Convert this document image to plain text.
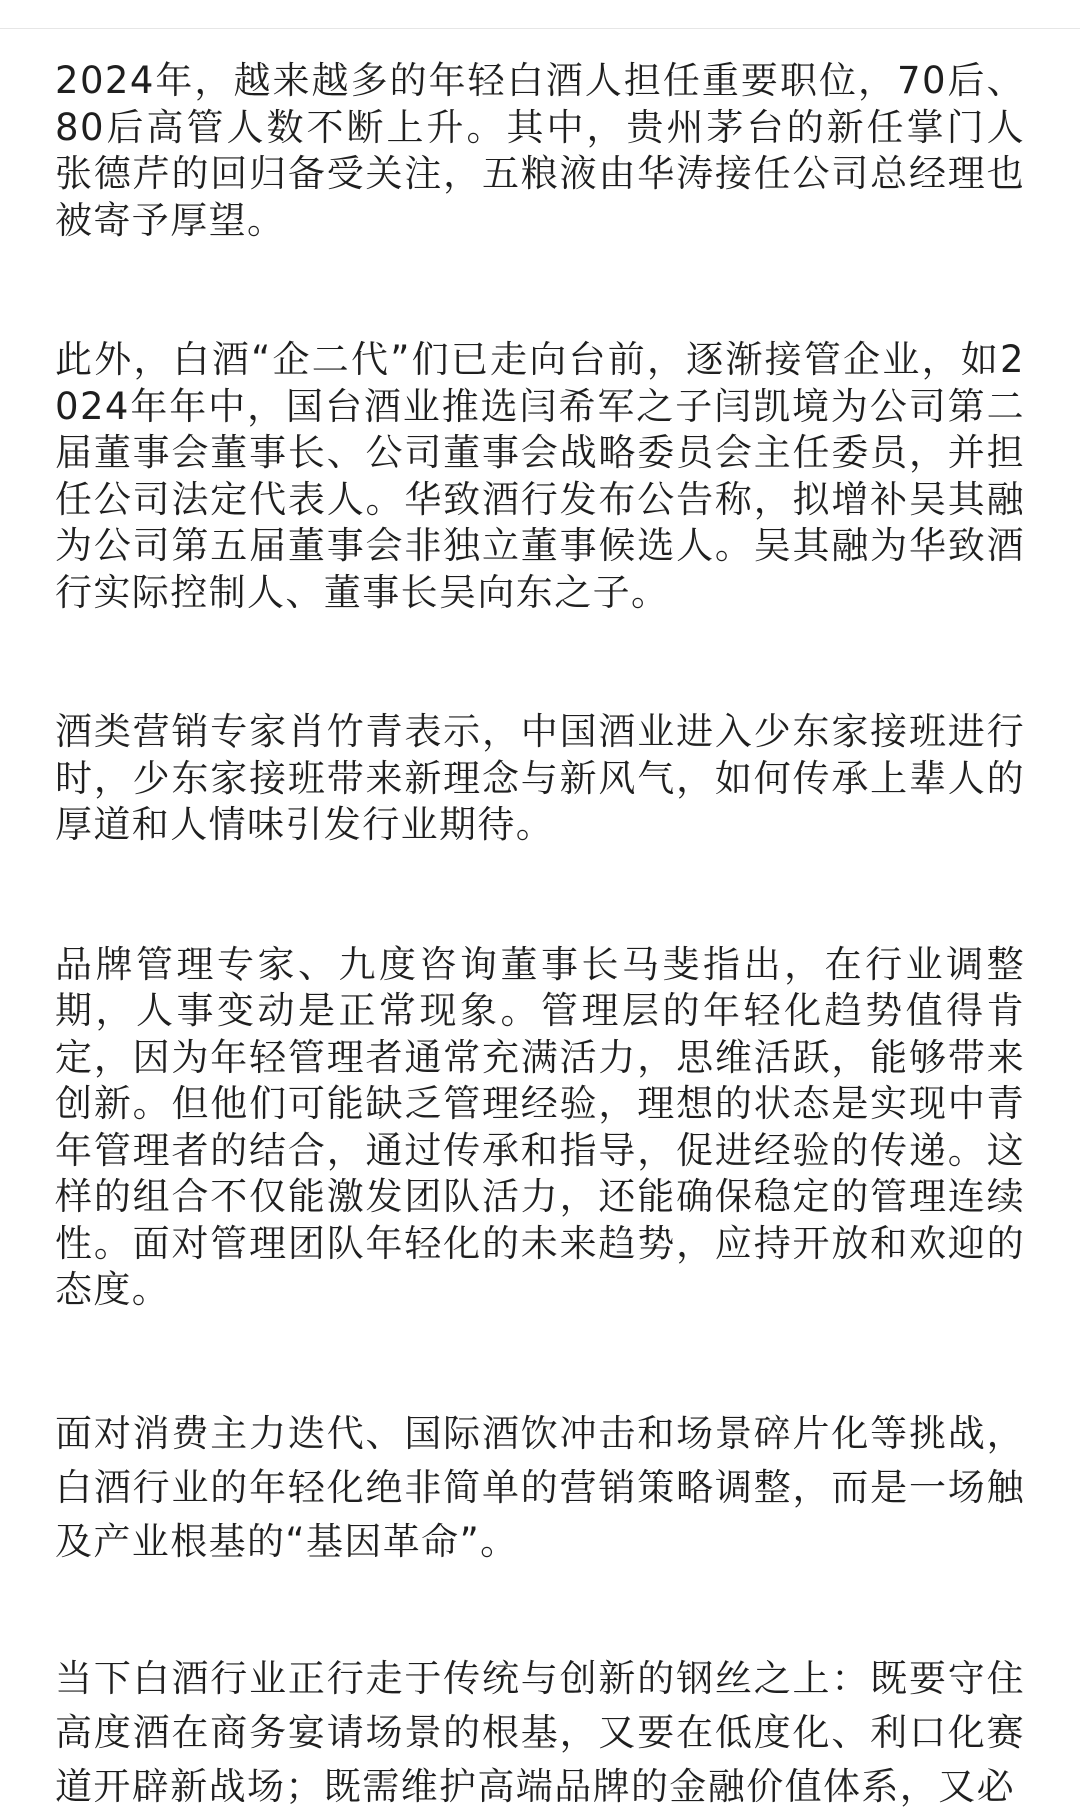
2024年，越来越多的年轻白酒人担任重要职位，70后、80后高管人数不断上升。其中，贵州茅台的新任掌门人张德芹的回归备受关注，五粮液由华涛接任公司总经理也被寄予厚望。

此外，白酒“企二代”们已走向台前，逐渐接管企业，如2024年年中，国台酒业推选闫希军之子闫凯境为公司第二届董事会董事长、公司董事会战略委员会主任委员，并担任公司法定代表人。华致酒行发布公告称，拟增补吴其融为公司第五届董事会非独立董事候选人。吴其融为华致酒行实际控制人、董事长吴向东之子。

酒类营销专家肖竹青表示，中国酒业进入少东家接班进行时，少东家接班带来新理念与新风气，如何传承上辈人的厚道和人情味引发行业期待。

品牌管理专家、九度咨询董事长马斐指出，在行业调整期，人事变动是正常现象。管理层的年轻化趋势值得肯定，因为年轻管理者通常充满活力，思维活跃，能够带来创新。但他们可能缺乏管理经验，理想的状态是实现中青年管理者的结合，通过传承和指导，促进经验的传递。这样的组合不仅能激发团队活力，还能确保稳定的管理连续性。面对管理团队年轻化的未来趋势，应持开放和欢迎的态度。

面对消费主力迭代、国际酒饮冲击和场景碎片化等挑战，白酒行业的年轻化绝非简单的营销策略调整，而是一场触及产业根基的“基因革命”。

当下白酒行业正行走于传统与创新的钢丝之上：既要守住高度酒在商务宴请场景的根基，又要在低度化、利口化赛道开辟新战场；既需维护高端品牌的金融价值体系，又必
